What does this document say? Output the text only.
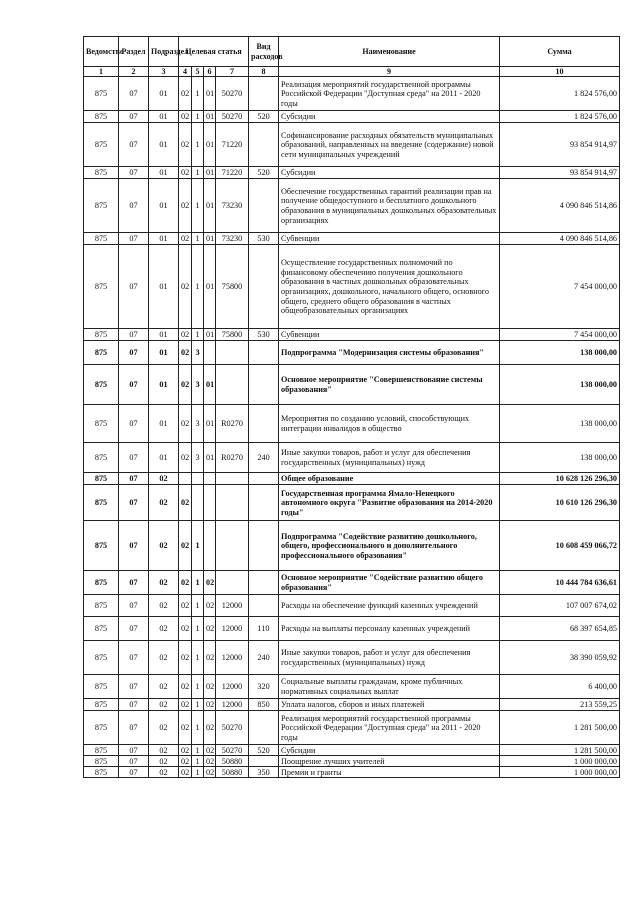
Ведомство	Раздел	Подраздел	Целевая статья				Вид расходов	Наименование	Сумма

1	2	3	4	5	6	7	8	9	10
875	07	01	02	1	01	50270		Реализация мероприятий государственной программы Российской Федерации "Доступная среда" на 2011 - 2020 годы	1 824 576,00
875	07	01	02	1	01	50270	520	Субсидии	1 824 576,00
875	07	01	02	1	01	71220		Софинансирование расходных обязательств муниципальных образований, направленных на введение (содержание) новой сети муниципальных учреждений	93 854 914,97
875	07	01	02	1	01	71220	520	Субсидии	93 854 914,97
875	07	01	02	1	01	73230		Обеспечение государственных гарантий реализации прав на получение общедоступного и бесплатного дошкольного образования в муниципальных дошкольных образовательных организациях	4 090 846 514,86
875	07	01	02	1	01	73230	530	Субвенции	4 090 846 514,86
875	07	01	02	1	01	75800		Осуществление государственных полномочий по финансовому обеспечению получения дошкольного образования в частных дошкольных образовательных организациях, дошкольного, начального общего, основного общего, среднего общего образования в частных общеобразовательных организациях	7 454 000,00
875	07	01	02	1	01	75800	530	Субвенции	7 454 000,00
875	07	01	02	3				Подпрограмма "Модернизация системы образования"	138 000,00
875	07	01	02	3	01			Основное мероприятие "Совершенствование системы образования"	138 000,00
875	07	01	02	3	01	R0270		Мероприятия по созданию условий, способствующих интеграции инвалидов в общество	138 000,00
875	07	01	02	3	01	R0270	240	Иные закупки товаров, работ и услуг для обеспечения государственных (муниципальных) нужд	138 000,00
875	07	02						Общее образование	10 628 126 296,30
875	07	02	02					Государственная программа Ямало-Ненецкого автономного округа "Развитие образования на 2014-2020 годы"	10 610 126 296,30
875	07	02	02	1				Подпрограмма "Содействие развитию дошкольного, общего, профессионального и дополнительного профессионального образования"	10 608 459 066,72
875	07	02	02	1	02			Основное мероприятие "Содействие развитию общего образования"	10 444 784 636,61
875	07	02	02	1	02	12000		Расходы на обеспечение функций казенных учреждений	107 007 674,02
875	07	02	02	1	02	12000	110	Расходы на выплаты персоналу казенных учреждений	68 397 654,85
875	07	02	02	1	02	12000	240	Иные закупки товаров, работ и услуг для обеспечения государственных (муниципальных) нужд	38 390 059,92
875	07	02	02	1	02	12000	320	Социальные выплаты гражданам, кроме публичных нормативных социальных выплат	6 400,00
875	07	02	02	1	02	12000	850	Уплата налогов, сборов и иных платежей	213 559,25
875	07	02	02	1	02	50270		Реализация мероприятий государственной программы Российской Федерации "Доступная среда" на 2011 - 2020 годы	1 281 500,00
875	07	02	02	1	02	50270	520	Субсидии	1 281 500,00
875	07	02	02	1	02	50880		Поощрение лучших учителей	1 000 000,00
875	07	02	02	1	02	50880	350	Премии и гранты	1 000 000,00
